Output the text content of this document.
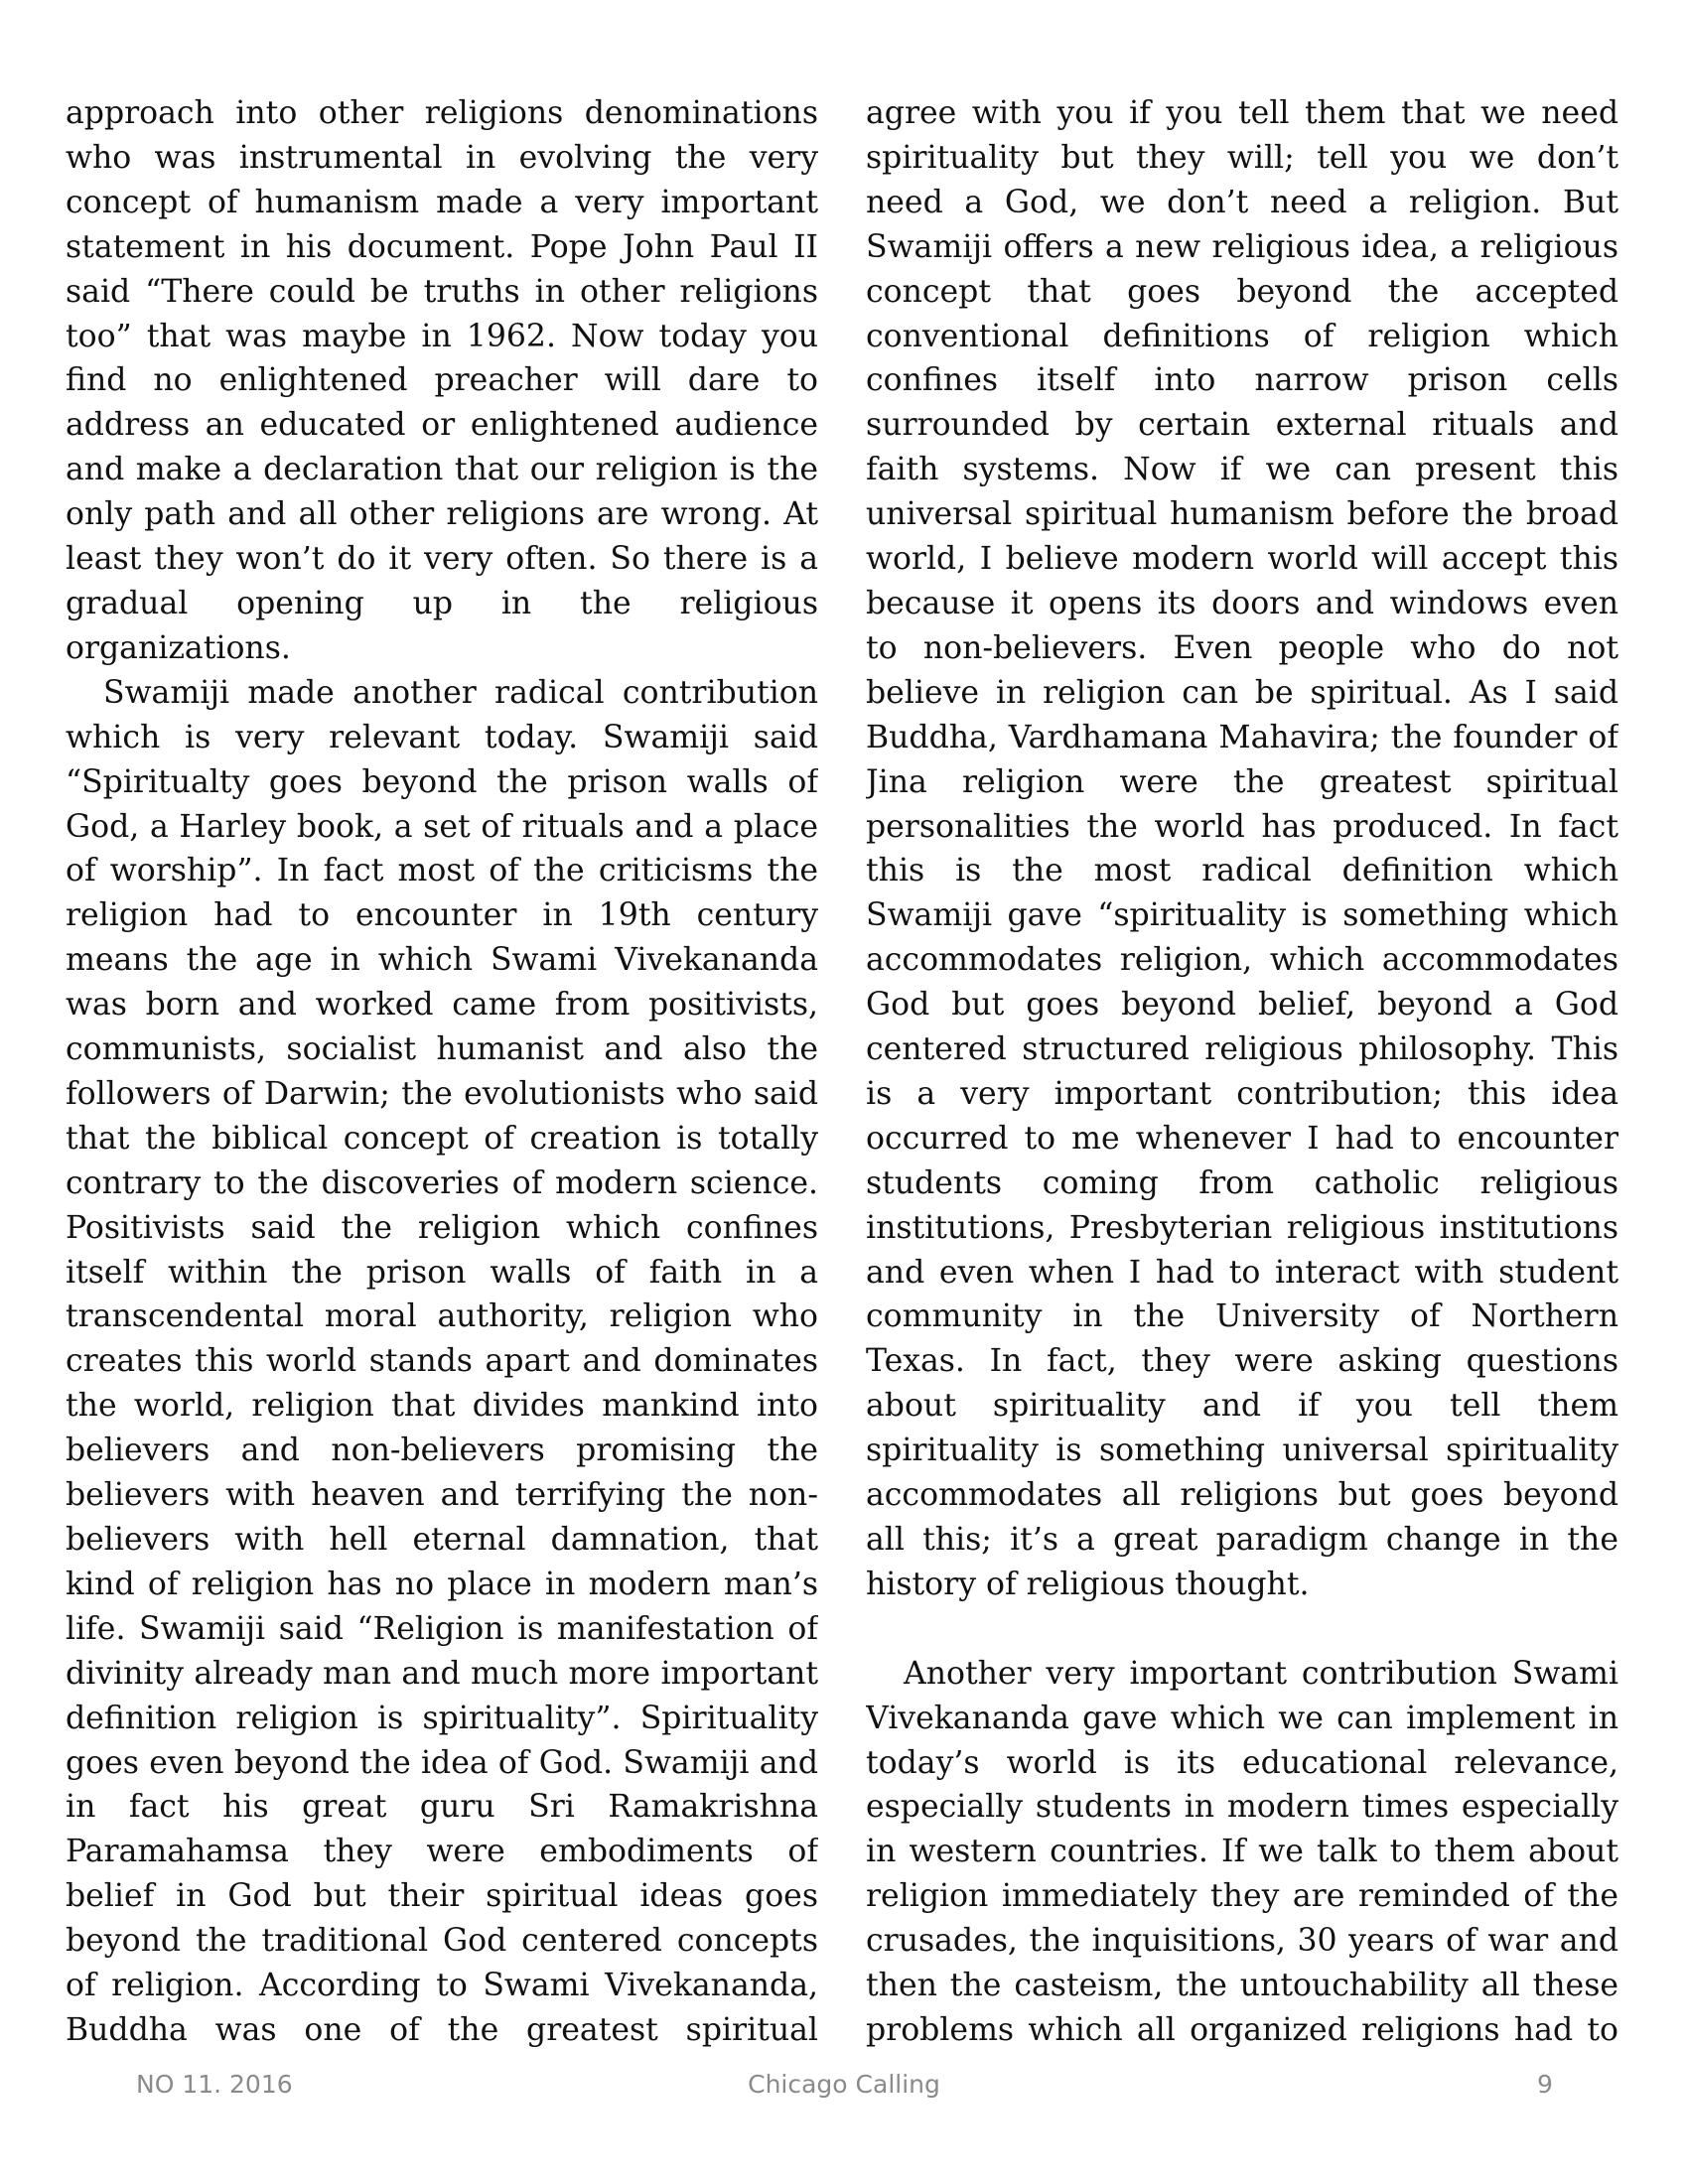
approach into other religions denominations who was instrumental in evolving the very concept of humanism made a very important statement in his document. Pope John Paul II said “There could be truths in other religions too” that was maybe in 1962. Now today you find no enlightened preacher will dare to address an educated or enlightened audience and make a declaration that our religion is the only path and all other religions are wrong. At least they won’t do it very often. So there is a gradual opening up in the religious organizations.

Swamiji made another radical contribution which is very relevant today. Swamiji said “Spiritualty goes beyond the prison walls of God, a Harley book, a set of rituals and a place of worship”. In fact most of the criticisms the religion had to encounter in 19th century means the age in which Swami Vivekananda was born and worked came from positivists, communists, socialist humanist and also the followers of Darwin; the evolutionists who said that the biblical concept of creation is totally contrary to the discoveries of modern science. Positivists said the religion which confines itself within the prison walls of faith in a transcendental moral authority, religion who creates this world stands apart and dominates the world, religion that divides mankind into believers and non-believers promising the believers with heaven and terrifying the non-believers with hell eternal damnation, that kind of religion has no place in modern man’s life. Swamiji said “Religion is manifestation of divinity already man and much more important definition religion is spirituality”. Spirituality goes even beyond the idea of God. Swamiji and in fact his great guru Sri Ramakrishna Paramahamsa they were embodiments of belief in God but their spiritual ideas goes beyond the traditional God centered concepts of religion. According to Swami Vivekananda, Buddha was one of the greatest spiritual

agree with you if you tell them that we need spirituality but they will; tell you we don’t need a God, we don’t need a religion. But Swamiji offers a new religious idea, a religious concept that goes beyond the accepted conventional definitions of religion which confines itself into narrow prison cells surrounded by certain external rituals and faith systems. Now if we can present this universal spiritual humanism before the broad world, I believe modern world will accept this because it opens its doors and windows even to non-believers. Even people who do not believe in religion can be spiritual. As I said Buddha, Vardhamana Mahavira; the founder of Jina religion were the greatest spiritual personalities the world has produced. In fact this is the most radical definition which Swamiji gave “spirituality is something which accommodates religion, which accommodates God but goes beyond belief, beyond a God centered structured religious philosophy. This is a very important contribution; this idea occurred to me whenever I had to encounter students coming from catholic religious institutions, Presbyterian religious institutions and even when I had to interact with student community in the University of Northern Texas. In fact, they were asking questions about spirituality and if you tell them spirituality is something universal spirituality accommodates all religions but goes beyond all this; it’s a great paradigm change in the history of religious thought.

Another very important contribution Swami Vivekananda gave which we can implement in today’s world is its educational relevance, especially students in modern times especially in western countries. If we talk to them about religion immediately they are reminded of the crusades, the inquisitions, 30 years of war and then the casteism, the untouchability all these problems which all organized religions had to

Chicago Calling
NO 11. 2016	9
